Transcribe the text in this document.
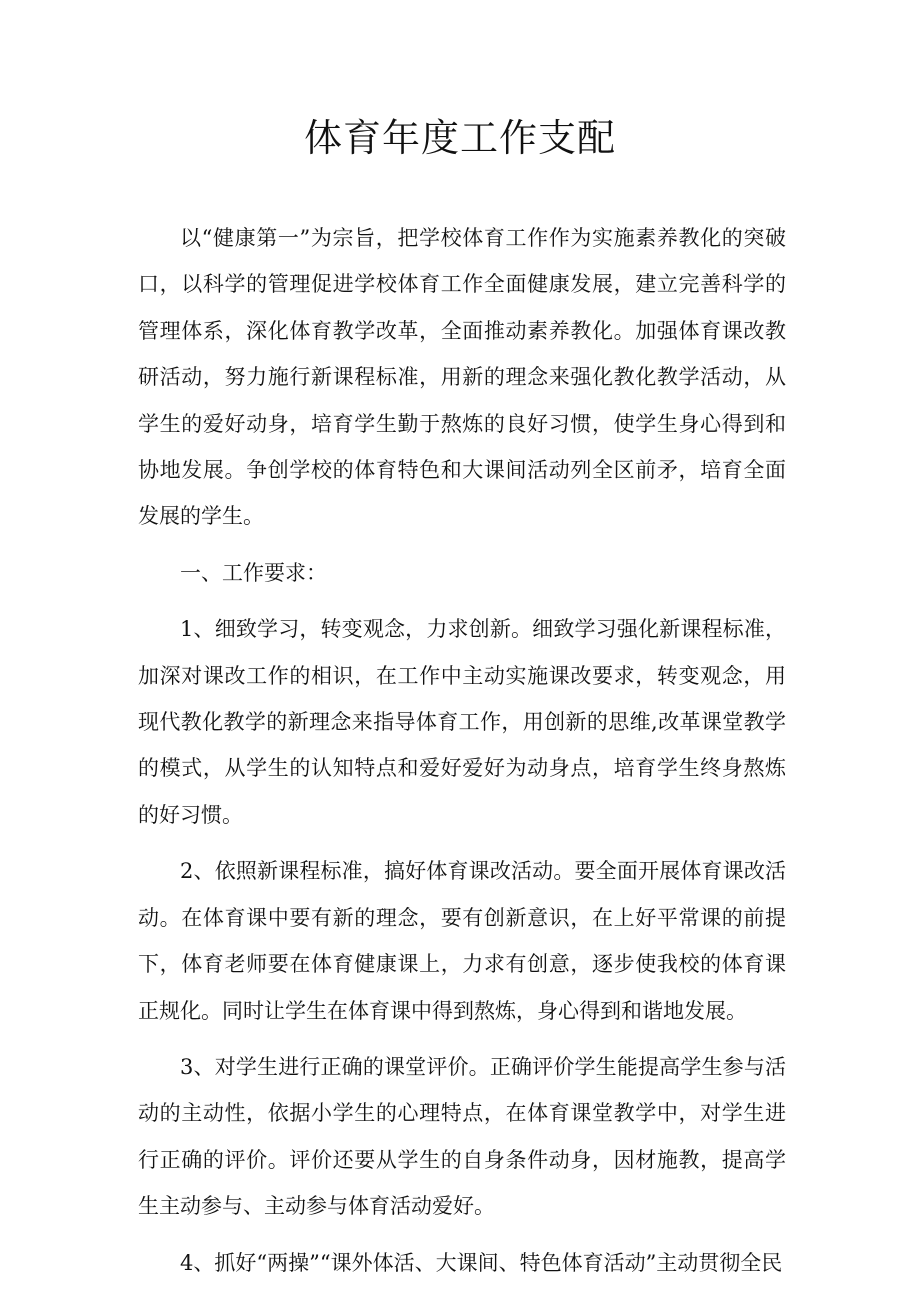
体育年度工作支配

以“健康第一”为宗旨，把学校体育工作作为实施素养教化的突破口，以科学的管理促进学校体育工作全面健康发展，建立完善科学的管理体系，深化体育教学改革，全面推动素养教化。加强体育课改教研活动，努力施行新课程标准，用新的理念来强化教化教学活动，从学生的爱好动身，培育学生勤于熬炼的良好习惯，使学生身心得到和协地发展。争创学校的体育特色和大课间活动列全区前矛，培育全面发展的学生。

一、工作要求：

1、细致学习，转变观念，力求创新。细致学习强化新课程标准，加深对课改工作的相识，在工作中主动实施课改要求，转变观念，用现代教化教学的新理念来指导体育工作，用创新的思维,改革课堂教学的模式，从学生的认知特点和爱好爱好为动身点，培育学生终身熬炼的好习惯。

2、依照新课程标准，搞好体育课改活动。要全面开展体育课改活动。在体育课中要有新的理念，要有创新意识，在上好平常课的前提下，体育老师要在体育健康课上，力求有创意，逐步使我校的体育课正规化。同时让学生在体育课中得到熬炼，身心得到和谐地发展。

3、对学生进行正确的课堂评价。正确评价学生能提高学生参与活动的主动性，依据小学生的心理特点，在体育课堂教学中，对学生进行正确的评价。评价还要从学生的自身条件动身，因材施教，提高学生主动参与、主动参与体育活动爱好。

4、抓好“两操”“课外体活、大课间、特色体育活动”主动贯彻全民
